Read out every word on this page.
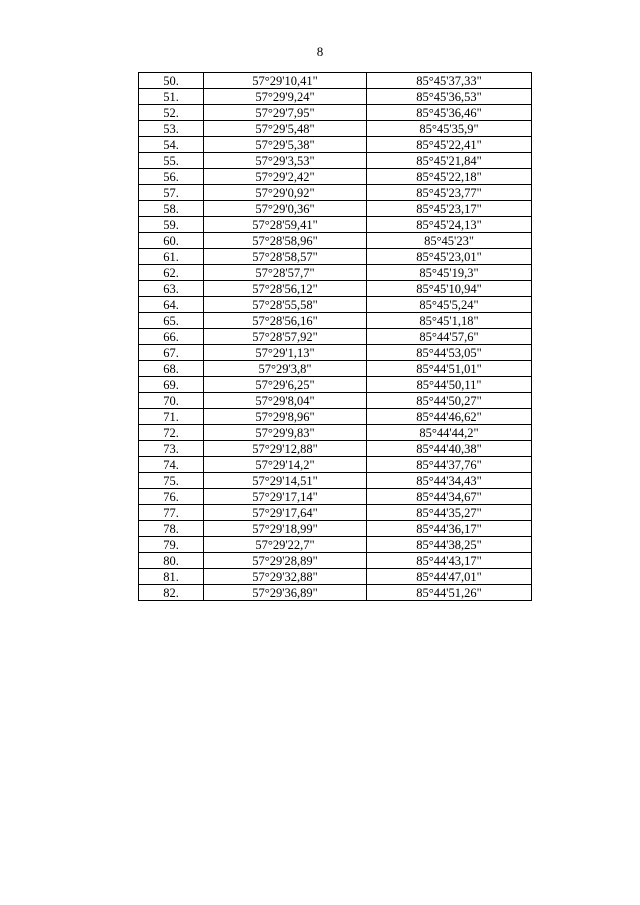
8
50.	57°29'10,41"	85°45'37,33"
51.	57°29'9,24"	85°45'36,53"
52.	57°29'7,95"	85°45'36,46"
53.	57°29'5,48"	85°45'35,9"
54.	57°29'5,38"	85°45'22,41"
55.	57°29'3,53"	85°45'21,84"
56.	57°29'2,42"	85°45'22,18"
57.	57°29'0,92"	85°45'23,77"
58.	57°29'0,36"	85°45'23,17"
59.	57°28'59,41"	85°45'24,13"
60.	57°28'58,96"	85°45'23"
61.	57°28'58,57"	85°45'23,01"
62.	57°28'57,7"	85°45'19,3"
63.	57°28'56,12"	85°45'10,94"
64.	57°28'55,58"	85°45'5,24"
65.	57°28'56,16"	85°45'1,18"
66.	57°28'57,92"	85°44'57,6"
67.	57°29'1,13"	85°44'53,05"
68.	57°29'3,8"	85°44'51,01"
69.	57°29'6,25"	85°44'50,11"
70.	57°29'8,04"	85°44'50,27"
71.	57°29'8,96"	85°44'46,62"
72.	57°29'9,83"	85°44'44,2"
73.	57°29'12,88"	85°44'40,38"
74.	57°29'14,2"	85°44'37,76"
75.	57°29'14,51"	85°44'34,43"
76.	57°29'17,14"	85°44'34,67"
77.	57°29'17,64"	85°44'35,27"
78.	57°29'18,99"	85°44'36,17"
79.	57°29'22,7"	85°44'38,25"
80.	57°29'28,89"	85°44'43,17"
81.	57°29'32,88"	85°44'47,01"
82.	57°29'36,89"	85°44'51,26"
